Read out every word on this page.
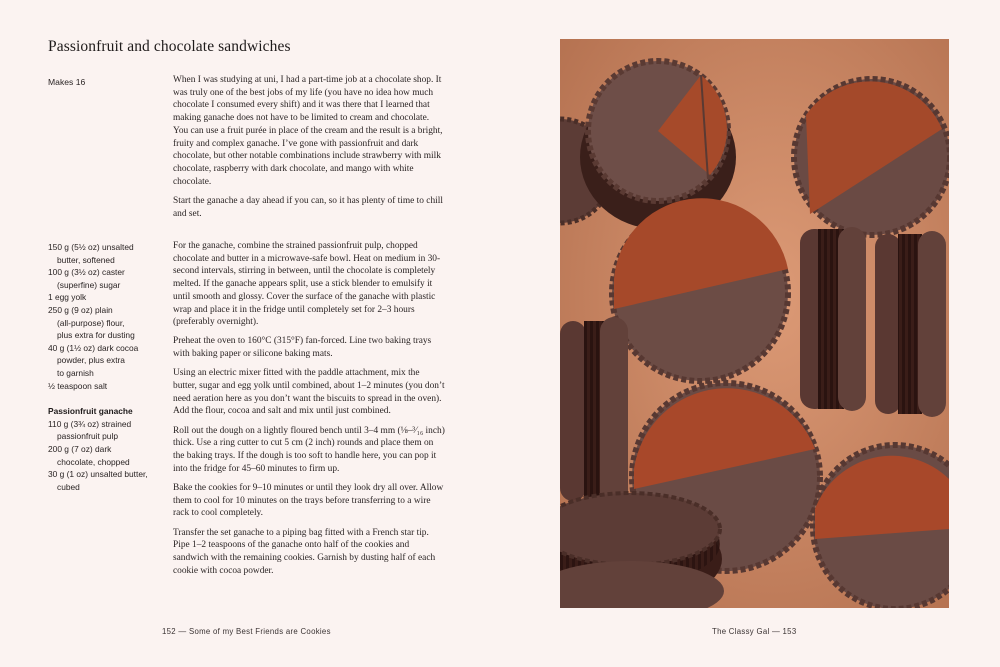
Passionfruit and chocolate sandwiches
Makes 16	When I was studying at uni, I had a part-time job at a chocolate shop. It was truly one of the best jobs of my life (you have no idea how much chocolate I consumed every shift) and it was there that I learned that making ganache does not have to be limited to cream and chocolate. You can use a fruit purée in place of the cream and the result is a bright, fruity and complex ganache. I’ve gone with passionfruit and dark chocolate, but other notable combinations include strawberry with milk chocolate, raspberry with dark chocolate, and mango with white chocolate.

Start the ganache a day ahead if you can, so it has plenty of time to chill and set.

150 g (5½ oz) unsalted
butter, softened
100 g (3½ oz) caster
(superfine) sugar
1 egg yolk
250 g (9 oz) plain
(all-purpose) flour,
plus extra for dusting
40 g (1½ oz) dark cocoa
powder, plus extra
to garnish
½ teaspoon salt
Passionfruit ganache
110 g (3¾ oz) strained
passionfruit pulp
200 g (7 oz) dark
chocolate, chopped
30 g (1 oz) unsalted butter,
cubed

For the ganache, combine the strained passionfruit pulp, chopped chocolate and butter in a microwave-safe bowl. Heat on medium in 30-second intervals, stirring in between, until the chocolate is completely melted. If the ganache appears split, use a stick blender to emulsify it until smooth and glossy. Cover the surface of the ganache with plastic wrap and place it in the fridge until completely set for 2–3 hours (preferably overnight).

Preheat the oven to 160°C (315°F) fan-forced. Line two baking trays with baking paper or silicone baking mats.

Using an electric mixer fitted with the paddle attachment, mix the butter, sugar and egg yolk until combined, about 1–2 minutes (you don’t need aeration here as you don’t want the biscuits to spread in the oven). Add the flour, cocoa and salt and mix until just combined.

Roll out the dough on a lightly floured bench until 3–4 mm (⅛–³⁄₁₆ inch) thick. Use a ring cutter to cut 5 cm (2 inch) rounds and place them on the baking trays. If the dough is too soft to handle here, you can pop it into the fridge for 45–60 minutes to firm up.

Bake the cookies for 9–10 minutes or until they look dry all over. Allow them to cool for 10 minutes on the trays before transferring to a wire rack to cool completely.

Transfer the set ganache to a piping bag fitted with a French star tip. Pipe 1–2 teaspoons of the ganache onto half of the cookies and sandwich with the remaining cookies. Garnish by dusting half of each cookie with cocoa powder.

152 — Some of my Best Friends are Cookies	The Classy Gal — 153
